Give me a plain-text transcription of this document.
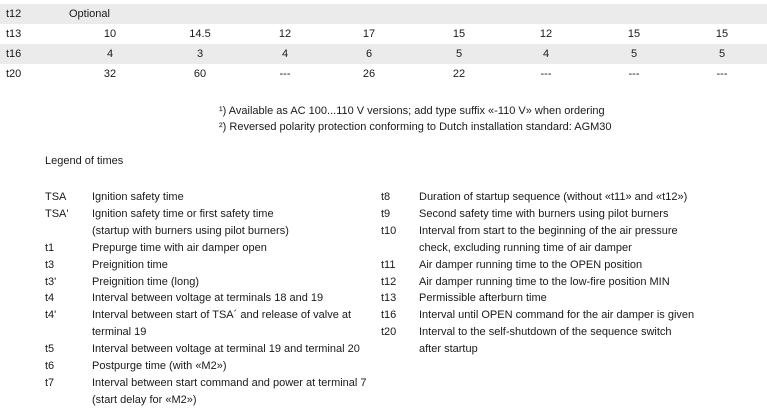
t12	Optional
t13	10	14.5	12	17	15	12	15	15
t16	4	3	4	6	5	4	5	5
t20	32	60	---	26	22	---	---	---
¹) Available as AC 100...110 V versions; add type suffix «-110 V» when ordering
²) Reversed polarity protection conforming to Dutch installation standard: AGM30
Legend of times
TSA	Ignition safety time
TSA'	Ignition safety time or first safety time
(startup with burners using pilot burners)
t1	Prepurge time with air damper open
t3	Preignition time
t3'	Preignition time (long)
t4	Interval between voltage at terminals 18 and 19
t4'	Interval between start of TSA´ and release of valve at
terminal 19
t5	Interval between voltage at terminal 19 and terminal 20
t6	Postpurge time (with «M2»)
t7	Interval between start command and power at terminal 7
(start delay for «M2»)
t8	Duration of startup sequence (without «t11» and «t12»)
t9	Second safety time with burners using pilot burners
t10	Interval from start to the beginning of the air pressure
check, excluding running time of air damper
t11	Air damper running time to the OPEN position
t12	Air damper running time to the low-fire position MIN
t13	Permissible afterburn time
t16	Interval until OPEN command for the air damper is given
t20	Interval to the self-shutdown of the sequence switch
after startup
